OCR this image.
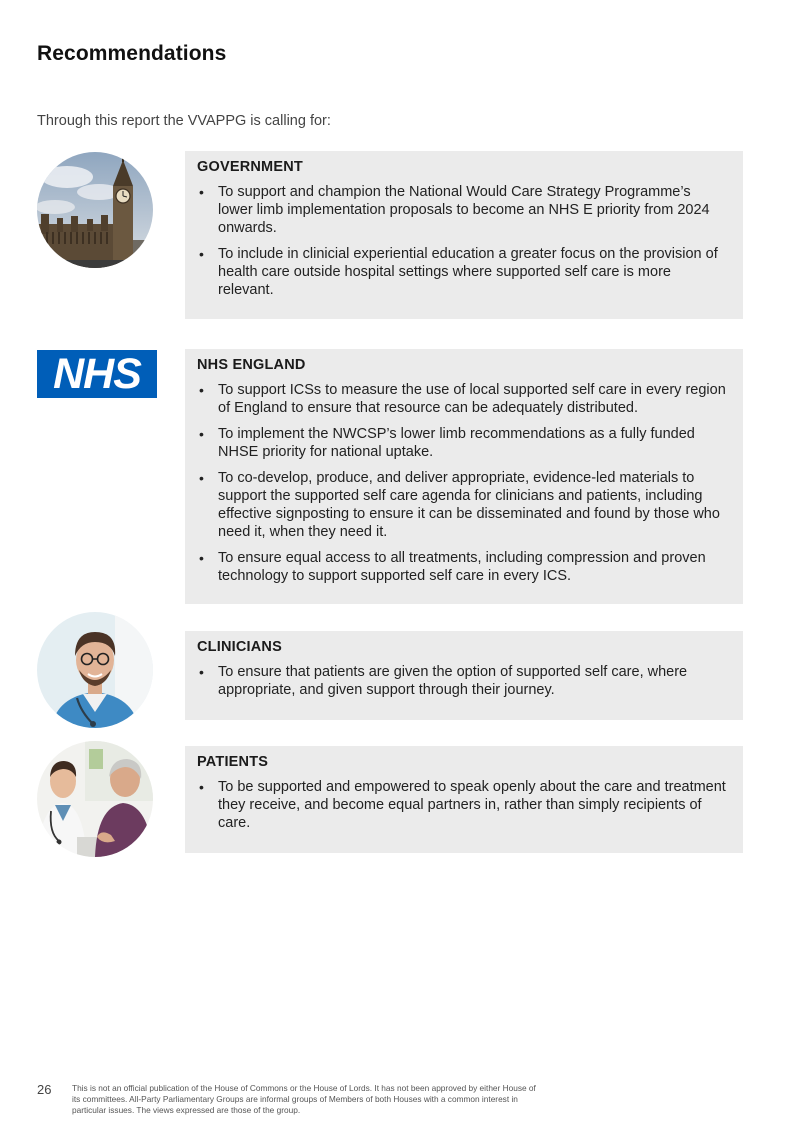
Recommendations

Through this report the VVAPPG is calling for:

NHS
GOVERNMENT
• To support and champion the National Would Care Strategy Programme’s lower limb implementation proposals to become an NHS E priority from 2024 onwards.
• To include in clinicial experiential education a greater focus on the provision of health care outside hospital settings where supported self care is more relevant.
NHS ENGLAND
• To support ICSs to measure the use of local supported self care in every region of England to ensure that resource can be adequately distributed.
• To implement the NWCSP’s lower limb recommendations as a fully funded NHSE priority for national uptake.
• To co-develop, produce, and deliver appropriate, evidence-led materials to support the supported self care agenda for clinicians and patients, including effective signposting to ensure it can be disseminated and found by those who need it, when they need it.
• To ensure equal access to all treatments, including compression and proven technology to support supported self care in every ICS.
CLINICIANS
• To ensure that patients are given the option of supported self care, where appropriate, and given support through their journey.
PATIENTS
• To be supported and empowered to speak openly about the care and treatment they receive, and become equal partners in, rather than simply recipients of care.
26 This is not an official publication of the House of Commons or the House of Lords. It has not been approved by either House of its committees. All-Party Parliamentary Groups are informal groups of Members of both Houses with a common interest in particular issues. The views expressed are those of the group.
